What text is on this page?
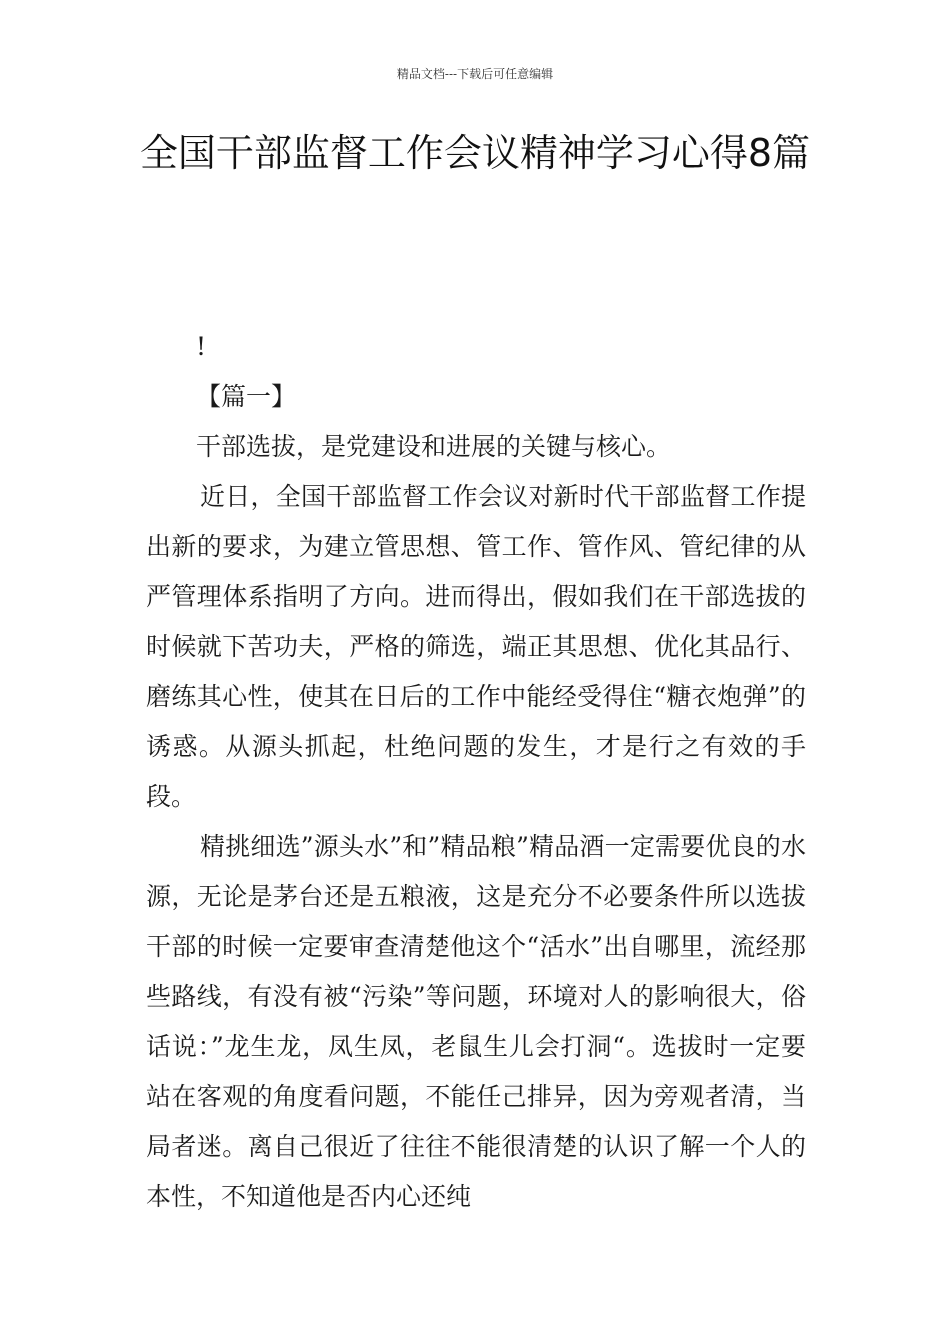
精品文档---下载后可任意编辑
全国干部监督工作会议精神学习心得8篇

!

【篇一】

干部选拔，是党建设和进展的关键与核心。

近日，全国干部监督工作会议对新时代干部监督工作提出新的要求，为建立管思想、管工作、管作风、管纪律的从严管理体系指明了方向。进而得出，假如我们在干部选拔的时候就下苦功夫，严格的筛选，端正其思想、优化其品行、磨练其心性，使其在日后的工作中能经受得住“糖衣炮弹”的诱惑。从源头抓起，杜绝问题的发生，才是行之有效的手段。

精挑细选”源头水”和”精品粮”精品酒一定需要优良的水源，无论是茅台还是五粮液，这是充分不必要条件所以选拔干部的时候一定要审查清楚他这个“活水”出自哪里，流经那些路线，有没有被“污染”等问题，环境对人的影响很大，俗话说：”龙生龙，凤生凤，老鼠生儿会打洞“。选拔时一定要站在客观的角度看问题，不能任己排异，因为旁观者清，当局者迷。离自己很近了往往不能很清楚的认识了解一个人的本性，不知道他是否内心还纯
